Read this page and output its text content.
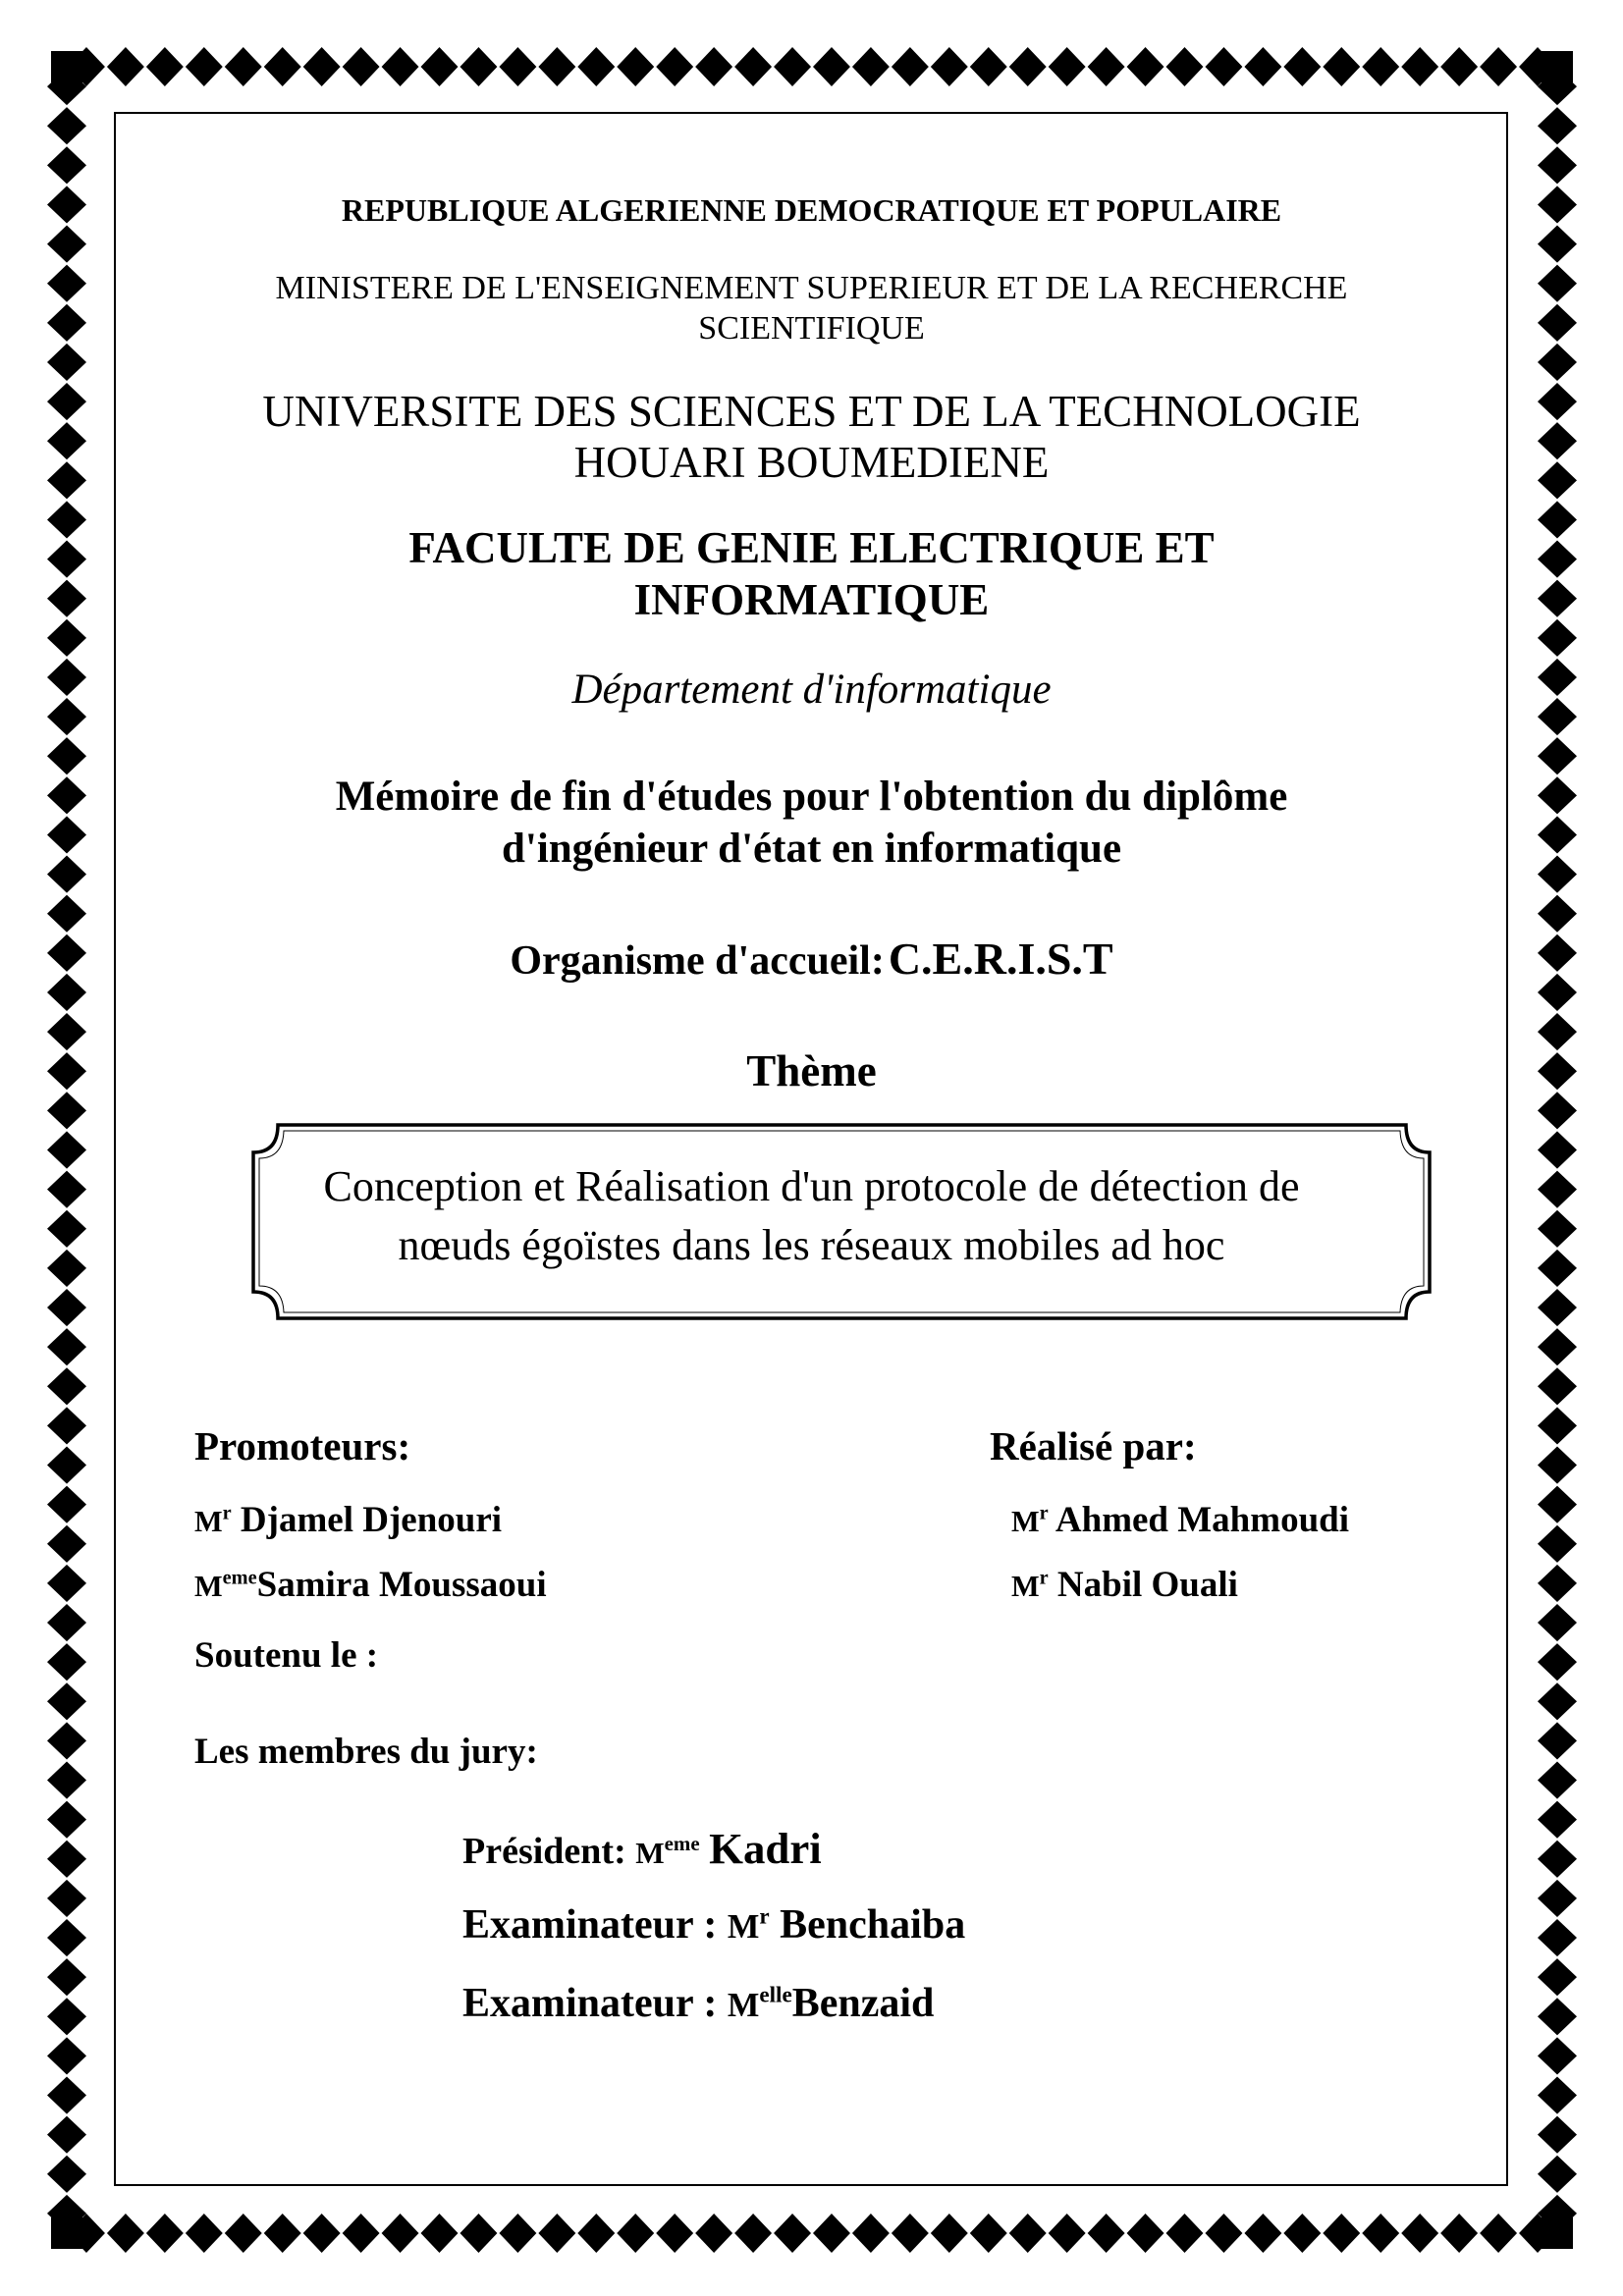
REPUBLIQUE ALGERIENNE DEMOCRATIQUE ET POPULAIRE
MINISTERE DE L'ENSEIGNEMENT SUPERIEUR ET DE LA RECHERCHE
SCIENTIFIQUE
UNIVERSITE DES SCIENCES ET DE LA TECHNOLOGIE
HOUARI BOUMEDIENE
FACULTE DE GENIE ELECTRIQUE ET
INFORMATIQUE
Département d'informatique
Mémoire de fin d'études pour l'obtention du diplôme
d'ingénieur d'état en informatique
Organisme d'accueil: C.E.R.I.S.T
Thème
Conception et Réalisation d'un protocole de détection de
nœuds égoïstes dans les réseaux mobiles ad hoc
Promoteurs:	Réalisé par:
$M^r$ Djamel Djenouri
MemeSamira Moussaoui
$M^r$ Ahmed Mahmoudi
$M^r$ Nabil Ouali
Soutenu le :
Les membres du jury:
Président: Meme Kadri
Examinateur : $M^r$ Benchaiba
Examinateur : $M^{elle}Benzaid$
